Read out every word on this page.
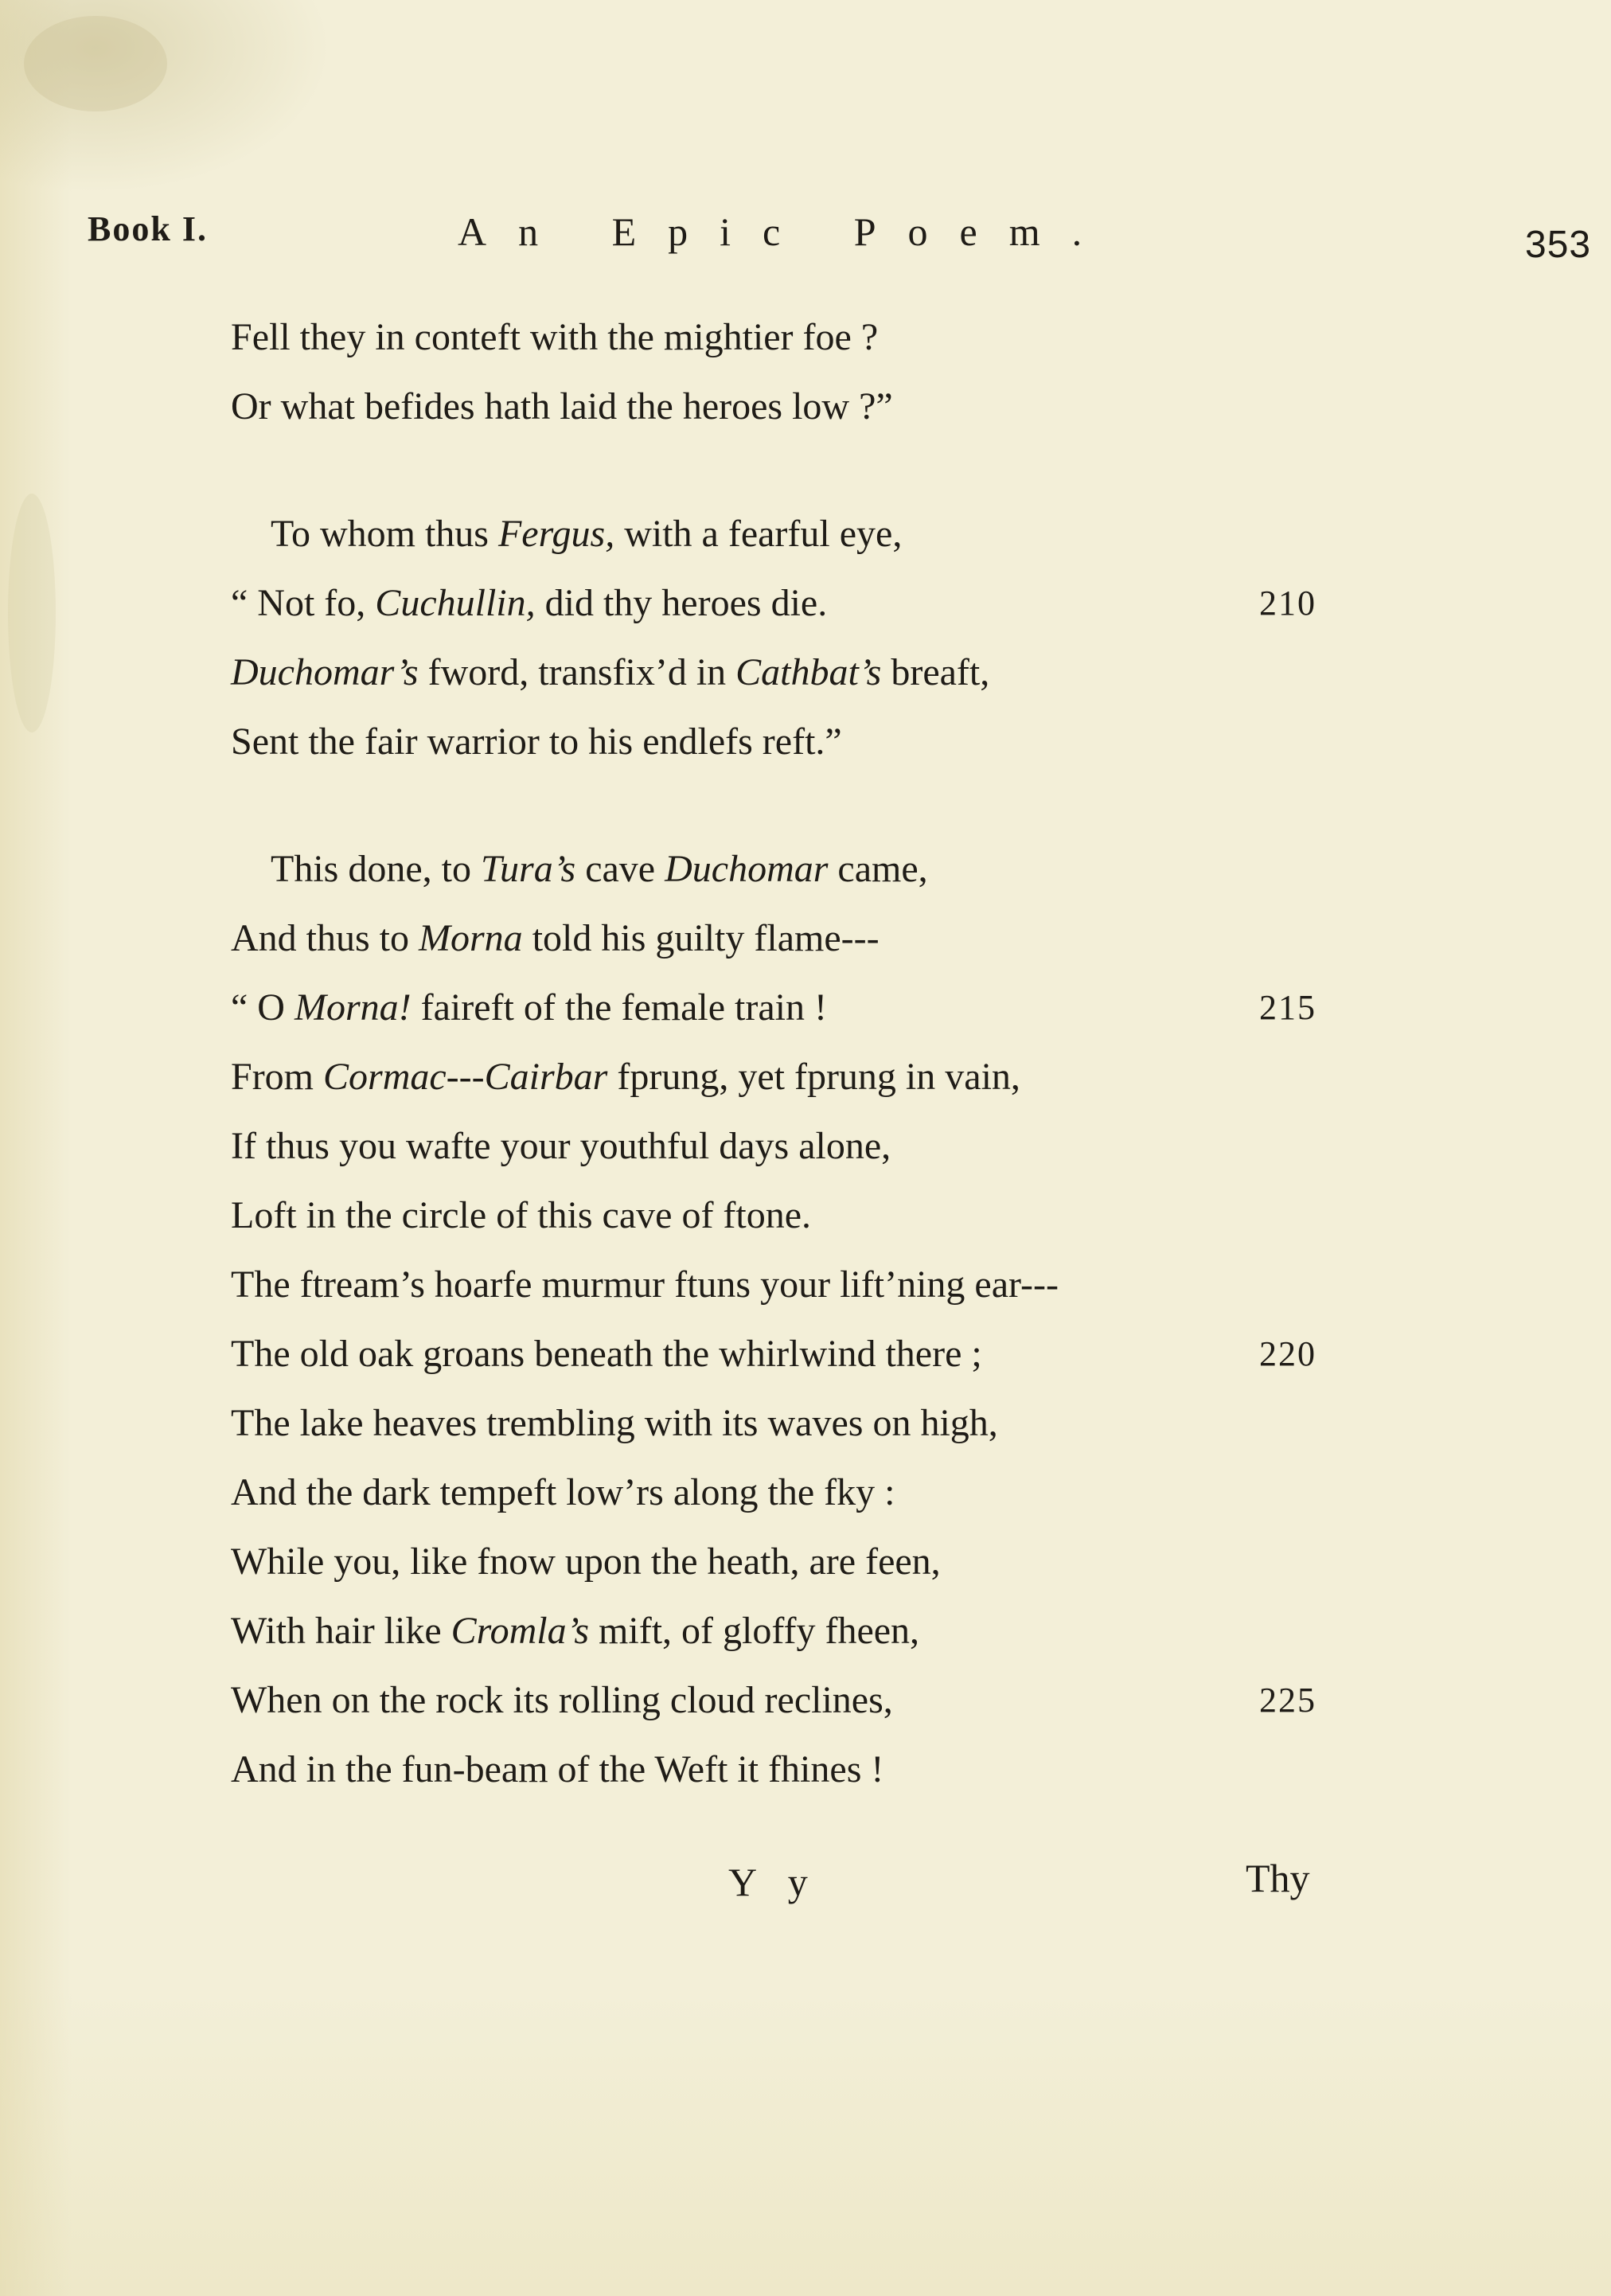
Book I.	An Epic Poem.	353
Fell they in conteft with the mightier foe ?
Or what befides hath laid the heroes low ?”
To whom thus Fergus, with a fearful eye,
“ Not fo, Cuchullin, did thy heroes die.	210
Duchomar’s fword, transfix’d in Cathbat’s breaft,
Sent the fair warrior to his endlefs reft.”
This done, to Tura’s cave Duchomar came,
And thus to Morna told his guilty flame---
“ O Morna! faireft of the female train !	215
From Cormac---Cairbar fprung, yet fprung in vain,
If thus you wafte your youthful days alone,
Loft in the circle of this cave of ftone.
The ftream’s hoarfe murmur ftuns your lift’ning ear---
The old oak groans beneath the whirlwind there ;	220
The lake heaves trembling with its waves on high,
And the dark tempeft low’rs along the fky :
While you, like fnow upon the heath, are feen,
With hair like Cromla’s mift, of gloffy fheen,
When on the rock its rolling cloud reclines,	225
And in the fun-beam of the Weft it fhines !
Y y	Thy
